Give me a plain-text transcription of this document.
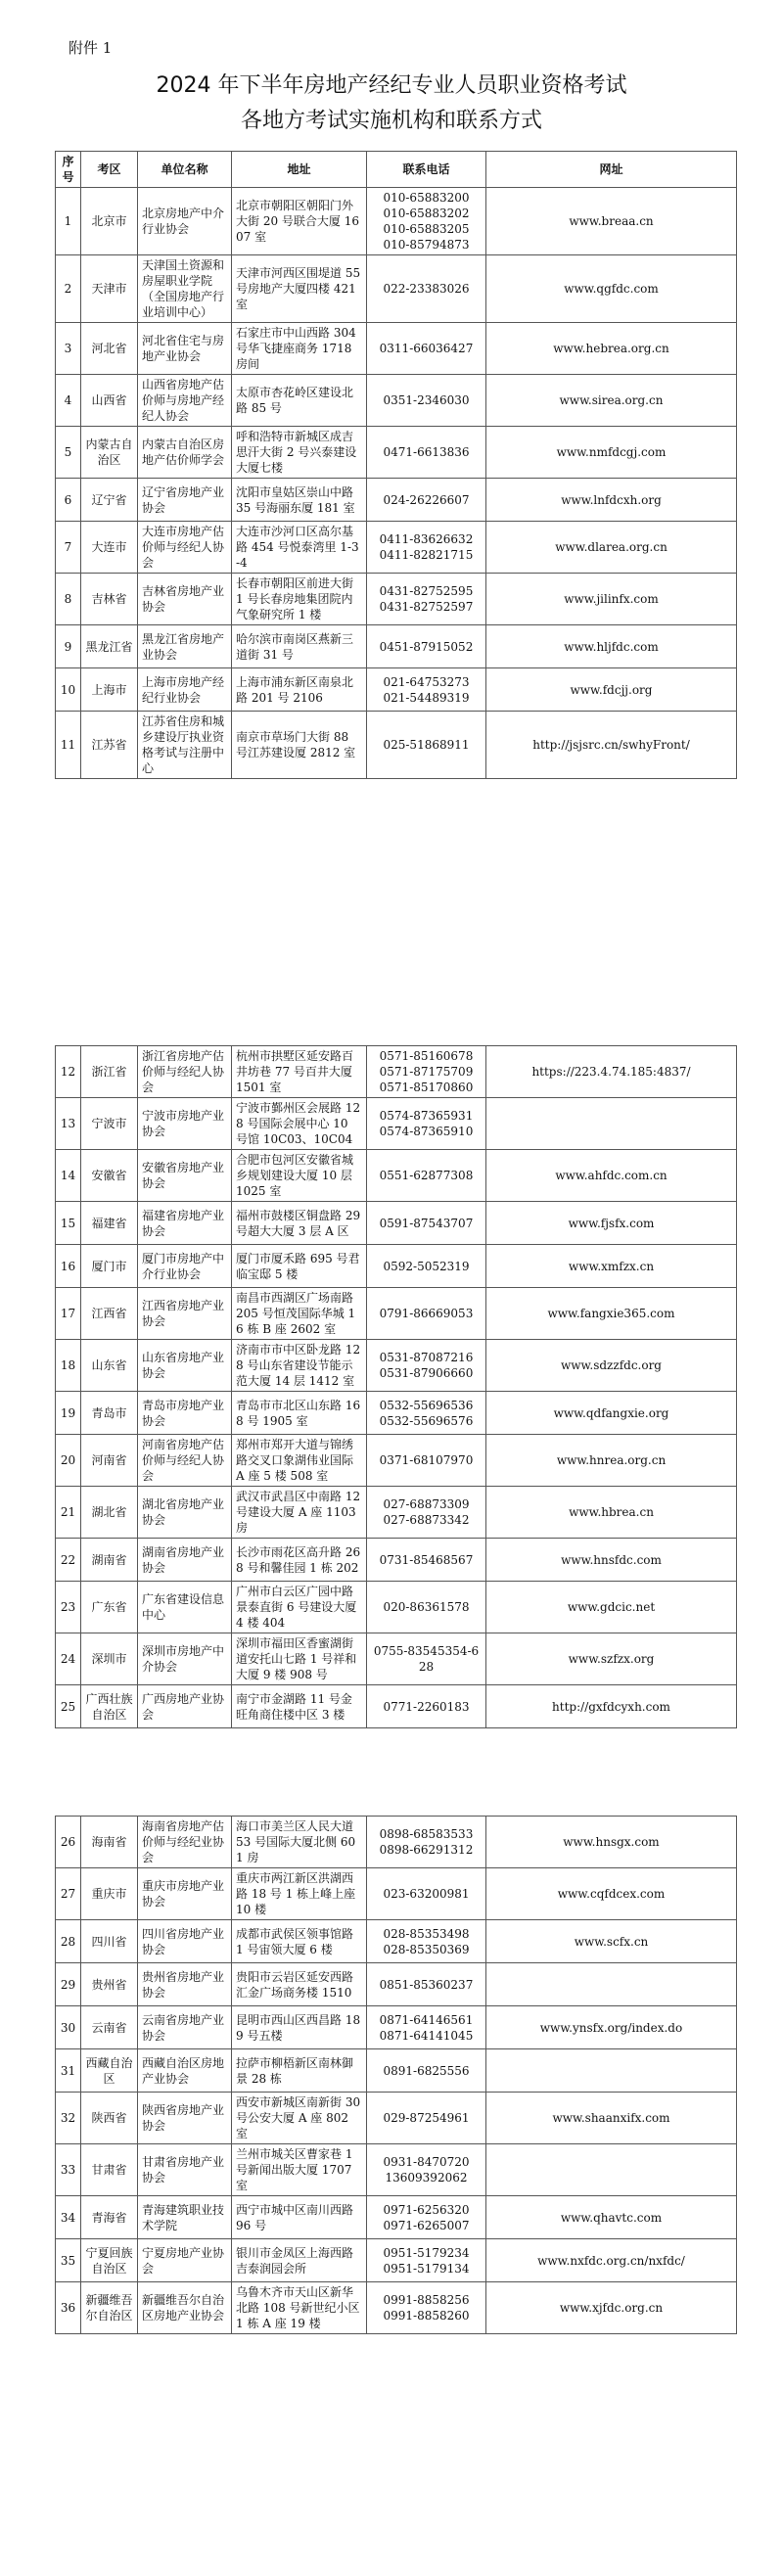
附件 1
2024 年下半年房地产经纪专业人员职业资格考试
各地方考试实施机构和联系方式
序号	考区	单位名称	地址	联系电话	网址
1	北京市	北京房地产中介行业协会	北京市朝阳区朝阳门外大街 20 号联合大厦 1607 室	010-65883200
010-65883202
010-65883205
010-85794873	www.breaa.cn
2	天津市	天津国土资源和房屋职业学院（全国房地产行业培训中心）	天津市河西区围堤道 55 号房地产大厦四楼 421 室	022-23383026	www.qgfdc.com
3	河北省	河北省住宅与房地产业协会	石家庄市中山西路 304 号华飞捷座商务 1718 房间	0311-66036427	www.hebrea.org.cn
4	山西省	山西省房地产估价师与房地产经纪人协会	太原市杏花岭区建设北路 85 号	0351-2346030	www.sirea.org.cn
5	内蒙古自治区	内蒙古自治区房地产估价师学会	呼和浩特市新城区成吉思汗大街 2 号兴泰建设大厦七楼	0471-6613836	www.nmfdcgj.com
6	辽宁省	辽宁省房地产业协会	沈阳市皇姑区崇山中路 35 号海丽东厦 181 室	024-26226607	www.lnfdcxh.org
7	大连市	大连市房地产估价师与经纪人协会	大连市沙河口区高尔基路 454 号悦泰湾里 1-3-4	0411-83626632
0411-82821715	www.dlarea.org.cn
8	吉林省	吉林省房地产业协会	长春市朝阳区前进大街 1 号长春房地集团院内气象研究所 1 楼	0431-82752595
0431-82752597	www.jilinfx.com
9	黑龙江省	黑龙江省房地产业协会	哈尔滨市南岗区燕新三道街 31 号	0451-87915052	www.hljfdc.com
10	上海市	上海市房地产经纪行业协会	上海市浦东新区南泉北路 201 号 2106	021-64753273
021-54489319	www.fdcjj.org
11	江苏省	江苏省住房和城乡建设厅执业资格考试与注册中心	南京市草场门大街 88 号江苏建设厦 2812 室	025-51868911	http://jsjsrc.cn/swhyFront/
12	浙江省	浙江省房地产估价师与经纪人协会	杭州市拱墅区延安路百井坊巷 77 号百井大厦 1501 室	0571-85160678
0571-87175709
0571-85170860	https://223.4.74.185:4837/
13	宁波市	宁波市房地产业协会	宁波市鄞州区会展路 128 号国际会展中心 10 号馆 10C03、10C04	0574-87365931
0574-87365910	
14	安徽省	安徽省房地产业协会	合肥市包河区安徽省城乡规划建设大厦 10 层 1025 室	0551-62877308	www.ahfdc.com.cn
15	福建省	福建省房地产业协会	福州市鼓楼区铜盘路 29 号超大大厦 3 层 A 区	0591-87543707	www.fjsfx.com
16	厦门市	厦门市房地产中介行业协会	厦门市厦禾路 695 号君临宝邸 5 楼	0592-5052319	www.xmfzx.cn
17	江西省	江西省房地产业协会	南昌市西湖区广场南路 205 号恒茂国际华城 16 栋 B 座 2602 室	0791-86669053	www.fangxie365.com
18	山东省	山东省房地产业协会	济南市市中区卧龙路 128 号山东省建设节能示范大厦 14 层 1412 室	0531-87087216
0531-87906660	www.sdzzfdc.org
19	青岛市	青岛市房地产业协会	青岛市市北区山东路 168 号 1905 室	0532-55696536
0532-55696576	www.qdfangxie.org
20	河南省	河南省房地产估价师与经纪人协会	郑州市郑开大道与锦绣路交叉口象湖伟业国际 A 座 5 楼 508 室	0371-68107970	www.hnrea.org.cn
21	湖北省	湖北省房地产业协会	武汉市武昌区中南路 12 号建设大厦 A 座 1103 房	027-68873309
027-68873342	www.hbrea.cn
22	湖南省	湖南省房地产业协会	长沙市雨花区高升路 268 号和馨佳园 1 栋 202	0731-85468567	www.hnsfdc.com
23	广东省	广东省建设信息中心	广州市白云区广园中路景泰直街 6 号建设大厦 4 楼 404	020-86361578	www.gdcic.net
24	深圳市	深圳市房地产中介协会	深圳市福田区香蜜湖街道安托山七路 1 号祥和大厦 9 楼 908 号	0755-83545354-628	www.szfzx.org
25	广西壮族自治区	广西房地产业协会	南宁市金湖路 11 号金旺角商住楼中区 3 楼	0771-2260183	http://gxfdcyxh.com
26	海南省	海南省房地产估价师与经纪业协会	海口市美兰区人民大道 53 号国际大厦北侧 601 房	0898-68583533
0898-66291312	www.hnsgx.com
27	重庆市	重庆市房地产业协会	重庆市两江新区洪湖西路 18 号 1 栋上峰上座 10 楼	023-63200981	www.cqfdcex.com
28	四川省	四川省房地产业协会	成都市武侯区领事馆路 1 号宙领大厦 6 楼	028-85353498
028-85350369	www.scfx.cn
29	贵州省	贵州省房地产业协会	贵阳市云岩区延安西路汇金广场商务楼 1510	0851-85360237	
30	云南省	云南省房地产业协会	昆明市西山区西昌路 189 号五楼	0871-64146561
0871-64141045	www.ynsfx.org/index.do
31	西藏自治区	西藏自治区房地产业协会	拉萨市柳梧新区南林御景 28 栋	0891-6825556	
32	陕西省	陕西省房地产业协会	西安市新城区南新街 30 号公安大厦 A 座 802 室	029-87254961	www.shaanxifx.com
33	甘肃省	甘肃省房地产业协会	兰州市城关区曹家巷 1 号新闻出版大厦 1707 室	0931-8470720
13609392062	
34	青海省	青海建筑职业技术学院	西宁市城中区南川西路 96 号	0971-6256320
0971-6265007	www.qhavtc.com
35	宁夏回族自治区	宁夏房地产业协会	银川市金凤区上海西路吉泰润园会所	0951-5179234
0951-5179134	www.nxfdc.org.cn/nxfdc/
36	新疆维吾尔自治区	新疆维吾尔自治区房地产业协会	乌鲁木齐市天山区新华北路 108 号新世纪小区 1 栋 A 座 19 楼	0991-8858256
0991-8858260	www.xjfdc.org.cn
